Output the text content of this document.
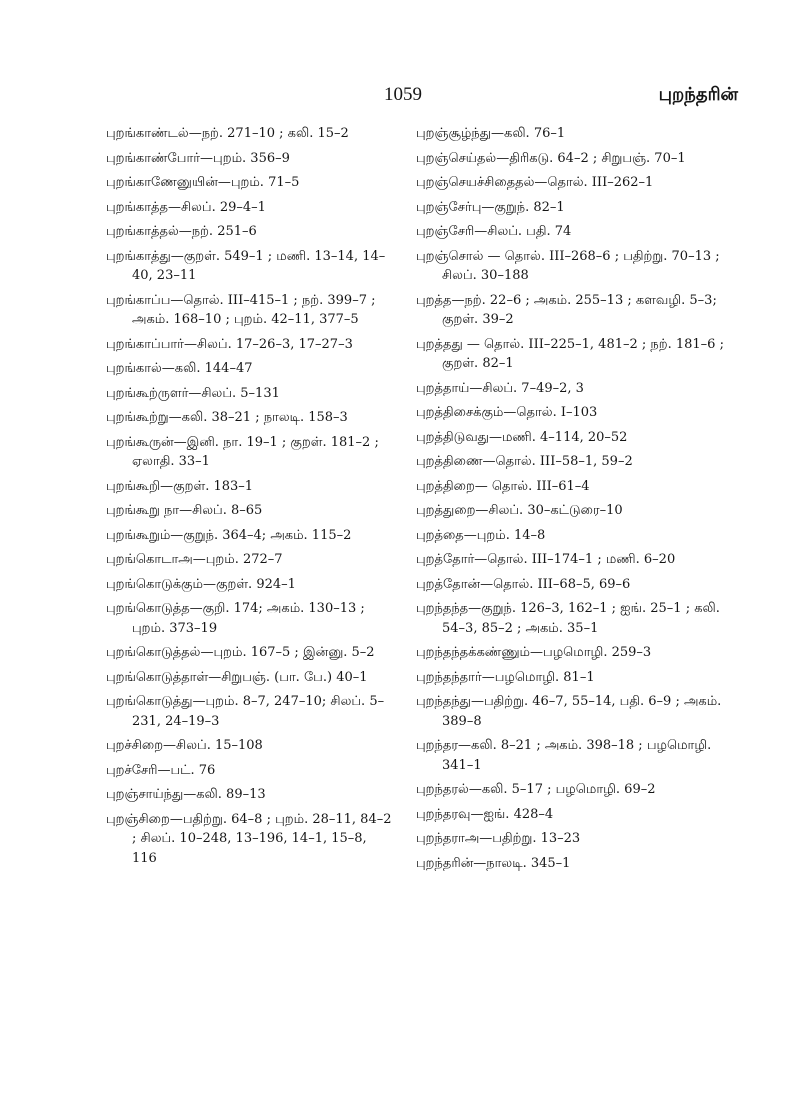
1059	புறந்தரின்
புறங்காண்டல்—நற். 271–10 ; கலி. 15–2
புறங்காண்போர்—புறம். 356–9
புறங்காணேனுயின்—புறம். 71–5
புறங்காத்த—சிலப். 29–4–1
புறங்காத்தல்—நற். 251–6
புறங்காத்து—குறள். 549–1 ; மணி. 13–14, 14–40, 23–11
புறங்காப்ப—தொல். III–415–1 ; நற். 399–7 ; அகம். 168–10 ; புறம். 42–11, 377–5
புறங்காப்பார்—சிலப். 17–26–3, 17–27–3
புறங்கால்—கலி. 144–47
புறங்கூற்ருளர்—சிலப். 5–131
புறங்கூற்று—கலி. 38–21 ; நாலடி. 158–3
புறங்கூருன்—இனி. நா. 19–1 ; குறள். 181–2 ; ஏலாதி. 33–1
புறங்கூறி—குறள். 183–1
புறங்கூறு நா—சிலப். 8–65
புறங்கூறும்—குறுந். 364–4; அகம். 115–2
புறங்கொடாஅ—புறம். 272–7
புறங்கொடுக்கும்—குறள். 924–1
புறங்கொடுத்த—குறி. 174; அகம். 130–13 ; புறம். 373–19
புறங்கொடுத்தல்—புறம். 167–5 ; இன்னு. 5–2
புறங்கொடுத்தாள்—சிறுபஞ். (பா. பே.) 40–1
புறங்கொடுத்து—புறம். 8–7, 247–10; சிலப். 5–231, 24–19–3
புறச்சிறை—சிலப். 15–108
புறச்சேரி—பட். 76
புறஞ்சாய்ந்து—கலி. 89–13
புறஞ்சிறை—பதிற்று. 64–8 ; புறம். 28–11, 84–2 ; சிலப். 10–248, 13–196, 14–1, 15–8, 116
புறஞ்சூழ்ந்து—கலி. 76–1
புறஞ்செய்தல்—திரிகடு. 64–2 ; சிறுபஞ். 70–1
புறஞ்செயச்சிதைதல்—தொல். III–262–1
புறஞ்சேர்பு—குறுந். 82–1
புறஞ்சேரி—சிலப். பதி. 74
புறஞ்சொல் — தொல். III–268–6 ; பதிற்று. 70–13 ; சிலப். 30–188
புறத்த—நற். 22–6 ; அகம். 255–13 ; களவழி. 5–3; குறள். 39–2
புறத்தது — தொல். III–225–1, 481–2 ; நற். 181–6 ; குறள். 82–1
புறத்தாய்—சிலப். 7–49–2, 3
புறத்திசைக்கும்—தொல். I–103
புறத்திடுவது—மணி. 4–114, 20–52
புறத்திணை—தொல். III–58–1, 59–2
புறத்திறை— தொல். III–61–4
புறத்துறை—சிலப். 30–கட்டுரை–10
புறத்தை—புறம். 14–8
புறத்தோர்—தொல். III–174–1 ; மணி. 6–20
புறத்தோன்—தொல். III–68–5, 69–6
புறந்தந்த—குறுந். 126–3, 162–1 ; ஐங். 25–1 ; கலி. 54–3, 85–2 ; அகம். 35–1
புறந்தந்தக்கண்ணும்—பழமொழி. 259–3
புறந்தந்தார்—பழமொழி. 81–1
புறந்தந்து—பதிற்று. 46–7, 55–14, பதி. 6–9 ; அகம். 389–8
புறந்தர—கலி. 8–21 ; அகம். 398–18 ; பழமொழி. 341–1
புறந்தரல்—கலி. 5–17 ; பழமொழி. 69–2
புறந்தரவு—ஐங். 428–4
புறந்தராஅ—பதிற்று. 13–23
புறந்தரின்—நாலடி. 345–1
